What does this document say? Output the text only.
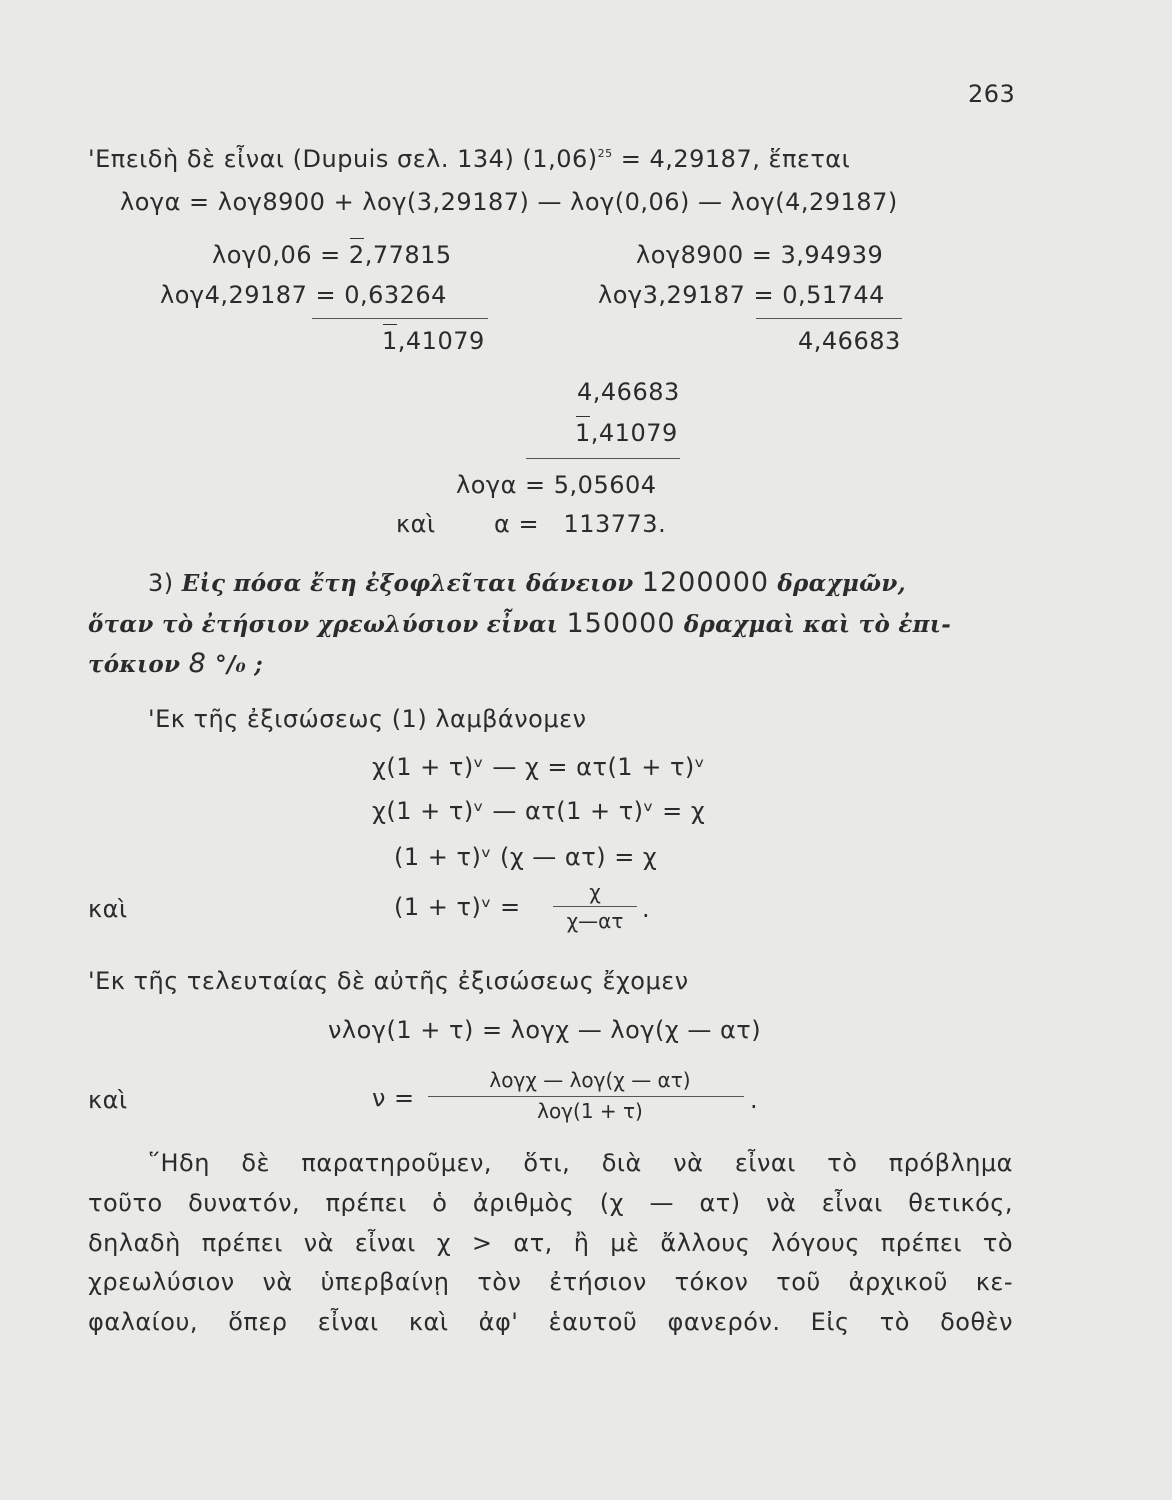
263
'Επειδὴ δὲ εἶναι (Dupuis σελ. 134) $(1,06)^{25} = 4,29187$, ἕπεται
λογα = λογ8900 + λογ(3,29187) — λογ(0,06) — λογ(4,29187)
λογ0,06 = 2,77815
λογ4,29187 = 0,63264
1,41079
λογ8900 = 3,94939
λογ3,29187 = 0,51744
4,46683
4,46683
1,41079
λογα = 5,05604
καὶ α =   113773.
3) Εἰς πόσα ἔτη ἐξοφλεῖται δάνειον 1200000 δραχμῶν,
ὅταν τὸ ἐτήσιον χρεωλύσιον εἶναι 150000 δραχμαὶ καὶ τὸ ἐπι-
τόκιον 8 °/₀ ;
'Εκ τῆς ἐξισώσεως (1) λαμβάνομεν
χ(1 + τ)ᵛ — χ = ατ(1 + τ)ᵛ
χ(1 + τ)ᵛ — ατ(1 + τ)ᵛ = χ
(1 + τ)ᵛ (χ — ατ) = χ
καὶ	(1 + τ)ᵛ =
χ
χ—ατ .
'Εκ τῆς τελευταίας δὲ αὐτῆς ἐξισώσεως ἔχομεν
νλογ(1 + τ) = λογχ — λογ(χ — ατ)
καὶ	ν =
λογχ — λογ(χ — ατ)
λογ(1 + τ)	.
῞Ηδη δὲ παρατηροῦμεν, ὅτι, διὰ νὰ εἶναι τὸ πρόβλημα
τοῦτο δυνατόν, πρέπει ὁ ἀριθμὸς (χ — ατ) νὰ εἶναι θετικός,
δηλαδὴ πρέπει νὰ εἶναι χ > ατ, ἢ μὲ ἄλλους λόγους πρέπει τὸ
χρεωλύσιον νὰ ὑπερβαίνῃ τὸν ἐτήσιον τόκον τοῦ ἀρχικοῦ κε-
φαλαίου, ὅπερ εἶναι καὶ ἀφ' ἑαυτοῦ φανερόν. Εἰς τὸ δοθὲν
